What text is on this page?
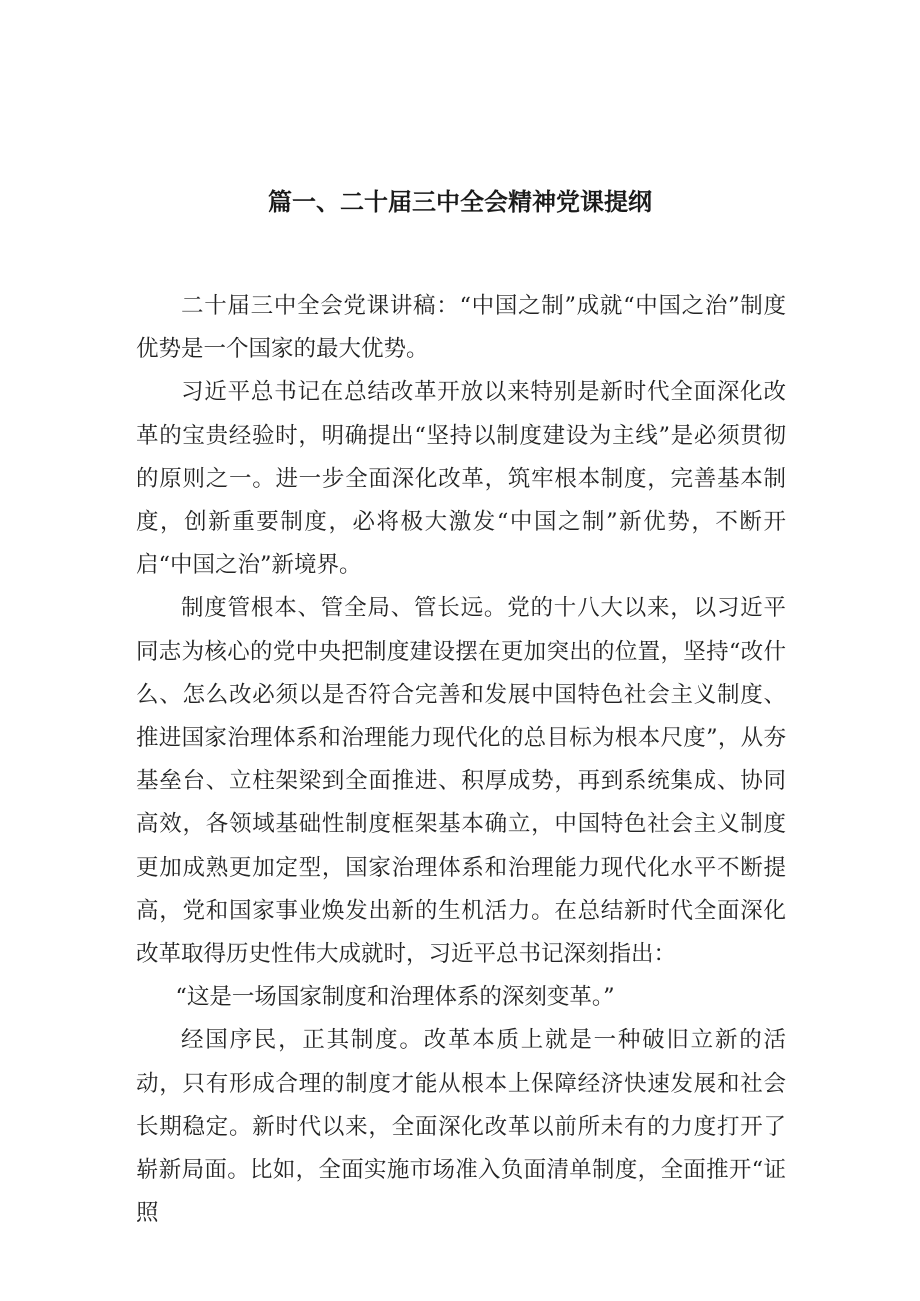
篇一、二十届三中全会精神党课提纲

二十届三中全会党课讲稿：“中国之制”成就“中国之治”制度优势是一个国家的最大优势。

习近平总书记在总结改革开放以来特别是新时代全面深化改革的宝贵经验时，明确提出“坚持以制度建设为主线”是必须贯彻的原则之一。进一步全面深化改革，筑牢根本制度，完善基本制度，创新重要制度，必将极大激发“中国之制”新优势，不断开启“中国之治”新境界。

制度管根本、管全局、管长远。党的十八大以来，以习近平同志为核心的党中央把制度建设摆在更加突出的位置，坚持“改什么、怎么改必须以是否符合完善和发展中国特色社会主义制度、推进国家治理体系和治理能力现代化的总目标为根本尺度”，从夯基垒台、立柱架梁到全面推进、积厚成势，再到系统集成、协同高效，各领域基础性制度框架基本确立，中国特色社会主义制度更加成熟更加定型，国家治理体系和治理能力现代化水平不断提高，党和国家事业焕发出新的生机活力。在总结新时代全面深化改革取得历史性伟大成就时，习近平总书记深刻指出：

“这是一场国家制度和治理体系的深刻变革。”

经国序民，正其制度。改革本质上就是一种破旧立新的活动，只有形成合理的制度才能从根本上保障经济快速发展和社会长期稳定。新时代以来，全面深化改革以前所未有的力度打开了崭新局面。比如，全面实施市场准入负面清单制度，全面推开“证照
